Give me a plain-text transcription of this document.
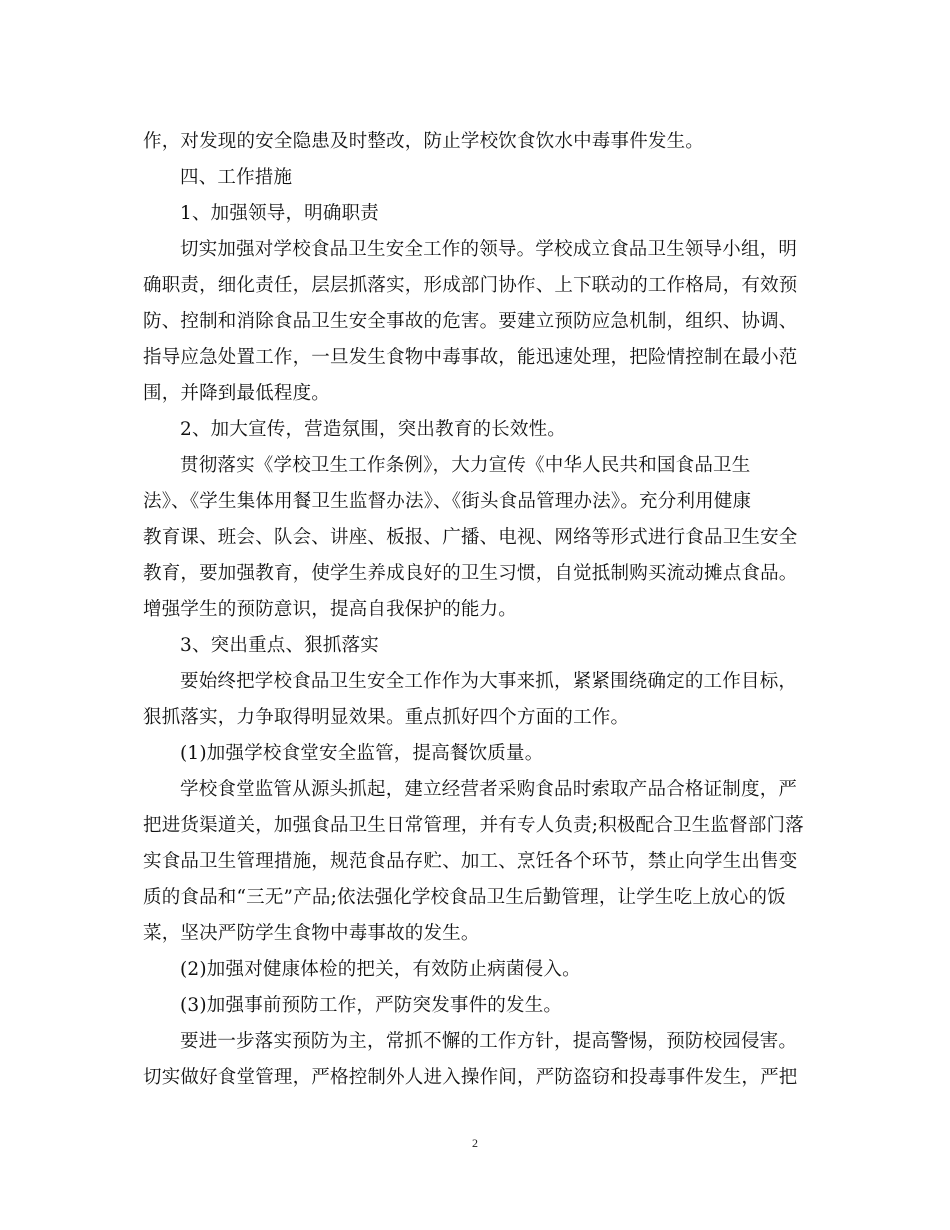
作，对发现的安全隐患及时整改，防止学校饮食饮水中毒事件发生。
四、工作措施
1、加强领导，明确职责
切实加强对学校食品卫生安全工作的领导。学校成立食品卫生领导小组，明
确职责，细化责任，层层抓落实，形成部门协作、上下联动的工作格局，有效预
防、控制和消除食品卫生安全事故的危害。要建立预防应急机制，组织、协调、
指导应急处置工作，一旦发生食物中毒事故，能迅速处理，把险情控制在最小范
围，并降到最低程度。
2、加大宣传，营造氛围，突出教育的长效性。
贯彻落实《学校卫生工作条例》，大力宣传《中华人民共和国食品卫生
法》、《学生集体用餐卫生监督办法》、《街头食品管理办法》。充分利用健康
教育课、班会、队会、讲座、板报、广播、电视、网络等形式进行食品卫生安全
教育，要加强教育，使学生养成良好的卫生习惯，自觉抵制购买流动摊点食品。
增强学生的预防意识，提高自我保护的能力。
3、突出重点、狠抓落实
要始终把学校食品卫生安全工作作为大事来抓，紧紧围绕确定的工作目标，
狠抓落实，力争取得明显效果。重点抓好四个方面的工作。
(1)加强学校食堂安全监管，提高餐饮质量。
学校食堂监管从源头抓起，建立经营者采购食品时索取产品合格证制度，严
把进货渠道关，加强食品卫生日常管理，并有专人负责;积极配合卫生监督部门落
实食品卫生管理措施，规范食品存贮、加工、烹饪各个环节，禁止向学生出售变
质的食品和“三无”产品;依法强化学校食品卫生后勤管理，让学生吃上放心的饭
菜，坚决严防学生食物中毒事故的发生。
(2)加强对健康体检的把关，有效防止病菌侵入。
(3)加强事前预防工作，严防突发事件的发生。
要进一步落实预防为主，常抓不懈的工作方针，提高警惕，预防校园侵害。
切实做好食堂管理，严格控制外人进入操作间，严防盗窃和投毒事件发生，严把
2
